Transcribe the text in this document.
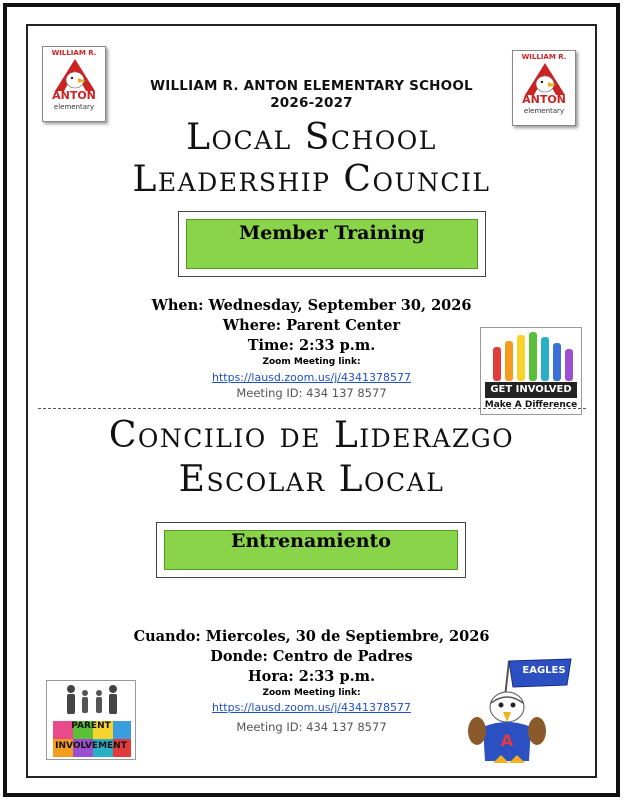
WILLIAM R.
ANTON
elementary
WILLIAM R.
ANTON
elementary
WILLIAM R. ANTON ELEMENTARY SCHOOL
2026-2027
Local School
Leadership Council
Member Training
When: Wednesday, September 30, 2026
Where: Parent Center
Time: 2:33 p.m.
Zoom Meeting link:
https://lausd.zoom.us/j/4341378577
Meeting ID: 434 137 8577	GET INVOLVED
Make A Difference
Concilio de Liderazgo
Escolar Local
Entrenamiento
Cuando: Miercoles, 30 de Septiembre, 2026
Donde: Centro de Padres
Hora: 2:33 p.m.
Zoom Meeting link:
https://lausd.zoom.us/j/4341378577
Meeting ID: 434 137 8577
PARENT
INVOLVEMENT
EAGLES
A
